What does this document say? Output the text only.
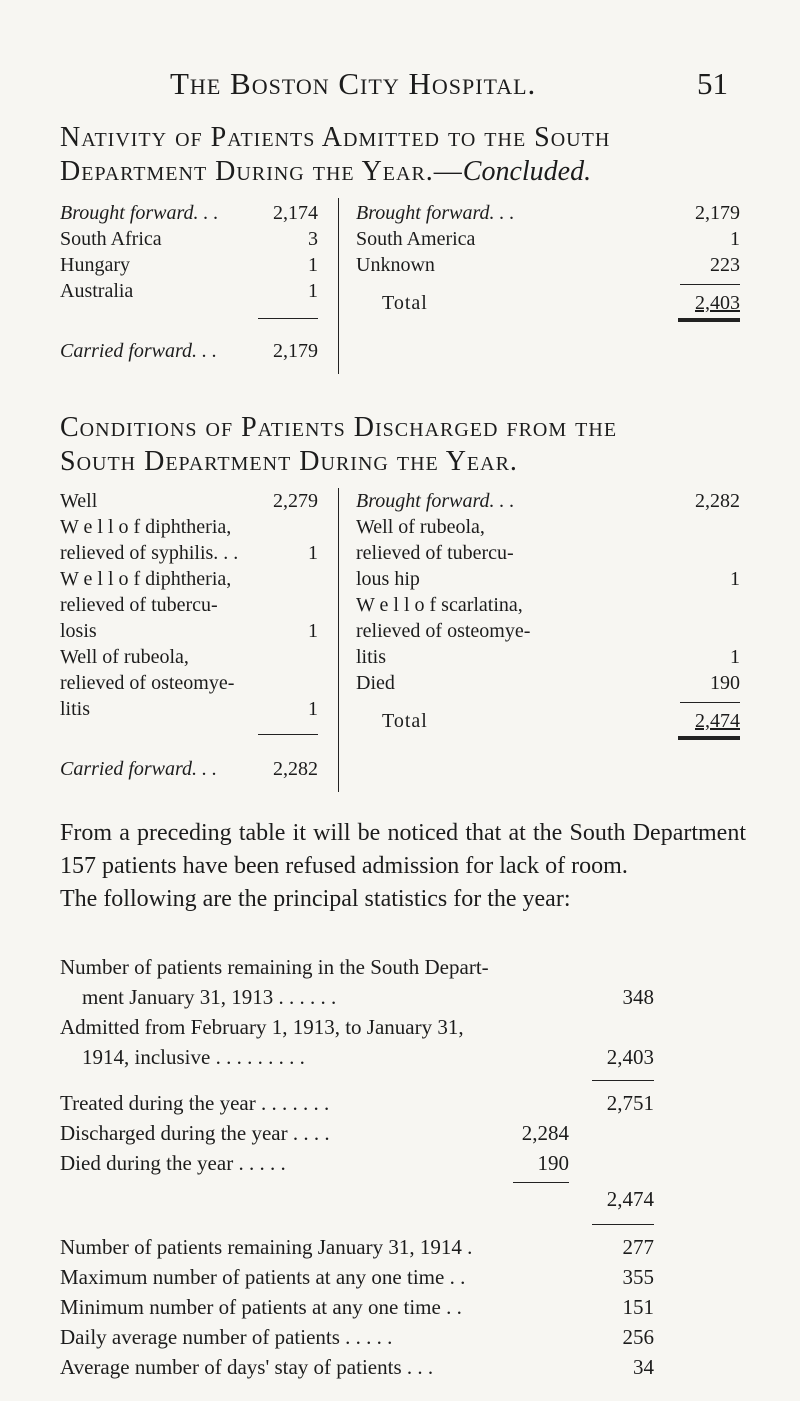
The Boston City Hospital.	51
Nativity of Patients Admitted to the South
Department During the Year.—Concluded.
Brought forward. . .	2,174
South Africa	3
Hungary	1
Australia	1
Carried forward. . .	2,179
Brought forward. . .	2,179
South America	1
Unknown	223
Total	2,403
Conditions of Patients Discharged from the
South Department During the Year.
Well	2,279
W e l l o f diphtheria,
relieved of syphilis. . .	1
W e l l o f diphtheria,
relieved of tubercu-
losis	1
Well of rubeola,
relieved of osteomye-
litis	1
Carried forward. . .	2,282
Brought forward. . .	2,282
Well of rubeola,
relieved of tubercu-
lous hip	1
W e l l o f scarlatina,
relieved of osteomye-
litis	1
Died	190
Total	2,474

From a preceding table it will be noticed that at the South Department 157 patients have been refused admission for lack of room.

The following are the principal statistics for the year:

Number of patients remaining in the South Depart-
ment January 31, 1913 . . . . . .	348
Admitted from February 1, 1913, to January 31,
1914, inclusive . . . . . . . . .	2,403
Treated during the year . . . . . . .	2,751
Discharged during the year . . . .	2,284
Died during the year . . . . .	190
2,474
Number of patients remaining January 31, 1914 .	277
Maximum number of patients at any one time . .	355
Minimum number of patients at any one time . .	151
Daily average number of patients . . . . .	256
Average number of days' stay of patients . . .	34
